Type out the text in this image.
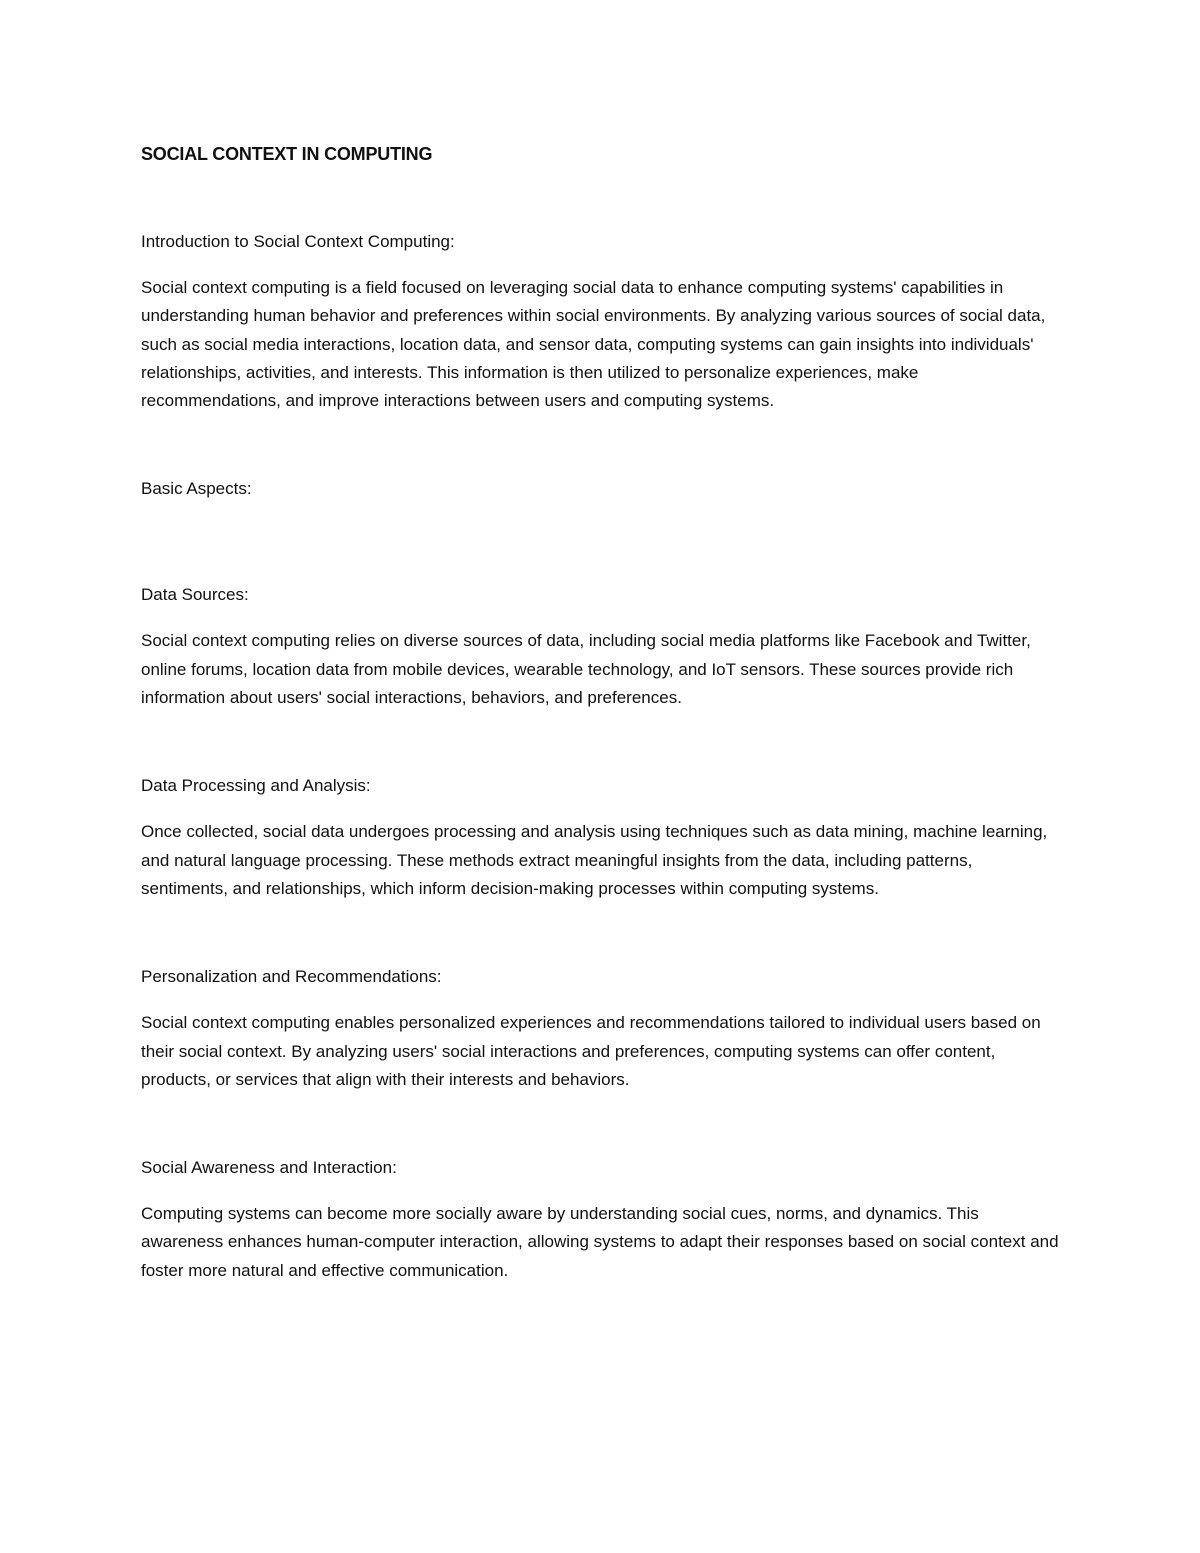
SOCIAL CONTEXT IN COMPUTING
Introduction to Social Context Computing:

Social context computing is a field focused on leveraging social data to enhance computing systems' capabilities in understanding human behavior and preferences within social environments. By analyzing various sources of social data, such as social media interactions, location data, and sensor data, computing systems can gain insights into individuals' relationships, activities, and interests. This information is then utilized to personalize experiences, make recommendations, and improve interactions between users and computing systems.

Basic Aspects:
Data Sources:

Social context computing relies on diverse sources of data, including social media platforms like Facebook and Twitter, online forums, location data from mobile devices, wearable technology, and IoT sensors. These sources provide rich information about users' social interactions, behaviors, and preferences.

Data Processing and Analysis:

Once collected, social data undergoes processing and analysis using techniques such as data mining, machine learning, and natural language processing. These methods extract meaningful insights from the data, including patterns, sentiments, and relationships, which inform decision-making processes within computing systems.

Personalization and Recommendations:

Social context computing enables personalized experiences and recommendations tailored to individual users based on their social context. By analyzing users' social interactions and preferences, computing systems can offer content, products, or services that align with their interests and behaviors.

Social Awareness and Interaction:

Computing systems can become more socially aware by understanding social cues, norms, and dynamics. This awareness enhances human-computer interaction, allowing systems to adapt their responses based on social context and foster more natural and effective communication.
